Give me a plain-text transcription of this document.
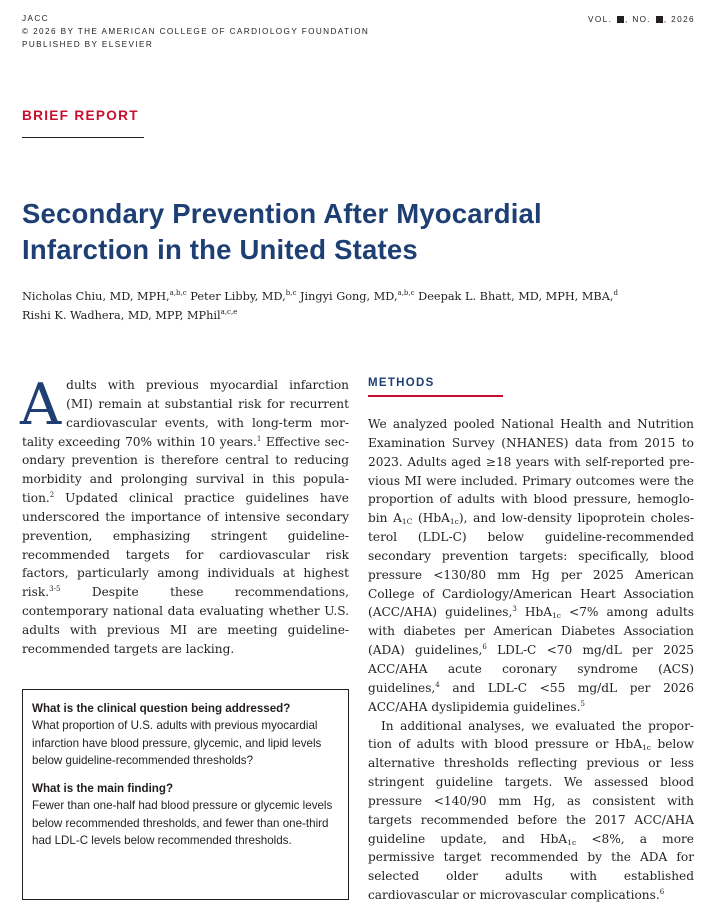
JACC
© 2026 BY THE AMERICAN COLLEGE OF CARDIOLOGY FOUNDATION
PUBLISHED BY ELSEVIER
VOL. , NO. , 2026
BRIEF REPORT
Secondary Prevention After Myocardial Infarction in the United States
Nicholas Chiu, MD, MPH,$^{a,b,c}$ Peter Libby, MD,$^{b,c}$ Jingyi Gong, MD,$^{a,b,c}$ Deepak L. Bhatt, MD, MPH, MBA,$^d$
Rishi K. Wadhera, MD, MPP, MPhil$^{a,c,e}$

Adults with previous myocardial infarction (MI) remain at substantial risk for recurrent cardiovascular events, with long-term mortality exceeding 70% within 10 years.$^1$ Effective secondary prevention is therefore central to reducing morbidity and prolonging survival in this population.$^2$ Updated clinical practice guidelines have underscored the importance of intensive secondary prevention, emphasizing stringent guideline-recommended targets for cardiovascular risk factors, particularly among individuals at highest risk.$^{3-5}$ Despite these recommendations, contemporary national data evaluating whether U.S. adults with previous MI are meeting guideline-recommended targets are lacking.

What is the clinical question being addressed?
What proportion of U.S. adults with previous myocardial infarction have blood pressure, glycemic, and lipid levels below guideline-recommended thresholds?
What is the main finding?
Fewer than one-half had blood pressure or glycemic levels below recommended thresholds, and fewer than one-third had LDL-C levels below recommended thresholds.
METHODS

We analyzed pooled National Health and Nutrition Examination Survey (NHANES) data from 2015 to 2023. Adults aged ≥18 years with self-reported previous MI were included. Primary outcomes were the proportion of adults with blood pressure, hemoglobin $A_{1C}$ (HbA$_{1c}$), and low-density lipoprotein cholesterol (LDL-C) below guideline-recommended secondary prevention targets: specifically, blood pressure <130/80 mm Hg per 2025 American College of Cardiology/American Heart Association (ACC/AHA) guidelines,$^3$ HbA$_{1c}$ <7% among adults with diabetes per American Diabetes Association (ADA) guidelines,$^6$ LDL-C <70 mg/dL per 2025 ACC/AHA acute coronary syndrome (ACS) guidelines,$^4$ and LDL-C <55 mg/dL per 2026 ACC/AHA dyslipidemia guidelines.$^5$

In additional analyses, we evaluated the proportion of adults with blood pressure or HbA$_{1c}$ below alternative thresholds reflecting previous or less stringent guideline targets. We assessed blood pressure <140/90 mm Hg, as consistent with targets recommended before the 2017 ACC/AHA guideline update, and HbA$_{1c}$ <8%, a more permissive target recommended by the ADA for selected older adults with established cardiovascular or microvascular complications.$^6$
